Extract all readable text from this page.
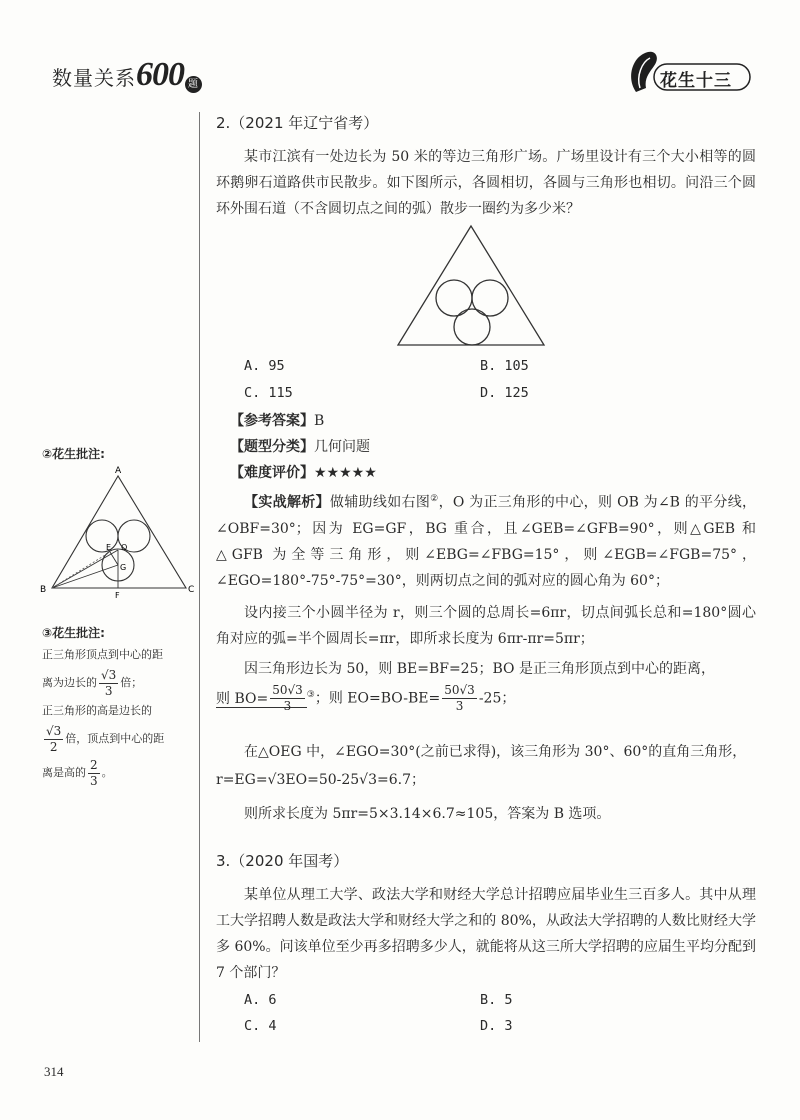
数量关系600 题	花生十三
2.（2021 年辽宁省考）

某市江滨有一处边长为 50 米的等边三角形广场。广场里设计有三个大小相等的圆环鹅卵石道路供市民散步。如下图所示，各圆相切，各圆与三角形也相切。问沿三个圆环外围石道（不含圆切点之间的弧）散步一圈约为多少米？

A. 95	B. 105
C. 115	D. 125
【参考答案】B
【题型分类】几何问题
【难度评价】★★★★★

【实战解析】做辅助线如右图②，O 为正三角形的中心，则 OB 为∠B 的平分线，∠OBF=30°；因为 EG=GF，BG 重合，且∠GEB=∠GFB=90°，则△GEB 和△GFB 为全等三角形，则∠EBG=∠FBG=15°，则∠EGB=∠FGB=75°，∠EGO=180°-75°-75°=30°，则两切点之间的弧对应的圆心角为 60°；

设内接三个小圆半径为 r，则三个圆的总周长=6πr，切点间弧长总和=180°圆心角对应的弧=半个圆周长=πr，即所求长度为 6πr-πr=5πr；

因三角形边长为 50，则 BE=BF=25；BO 是正三角形顶点到中心的距离，

则 $BO= \frac{50√3}{3} ^③$；则 $EO=BO-BE= \frac{50√3}{3} -25$；

在△OEG 中，∠EGO=30°(之前已求得)，该三角形为 30°、60°的直角三角形，

r=EG=√3EO=50-25√3=6.7；

则所求长度为 5πr=5×3.14×6.7≈105，答案为 B 选项。

②花生批注:
A
B	C
E O
G
F
③花生批注:
正三角形顶点到中心的距
离为边长的 $\frac{√3}{3}$ 倍；
正三角形的高是边长的
$\frac{√3}{2}$ 倍，顶点到中心的距
离是高的 $\frac{2}{3}$ 。
3.（2020 年国考）

某单位从理工大学、政法大学和财经大学总计招聘应届毕业生三百多人。其中从理工大学招聘人数是政法大学和财经大学之和的 80%，从政法大学招聘的人数比财经大学多 60%。问该单位至少再多招聘多少人，就能将从这三所大学招聘的应届生平均分配到 7 个部门？

A. 6	B. 5
C. 4	D. 3
314
